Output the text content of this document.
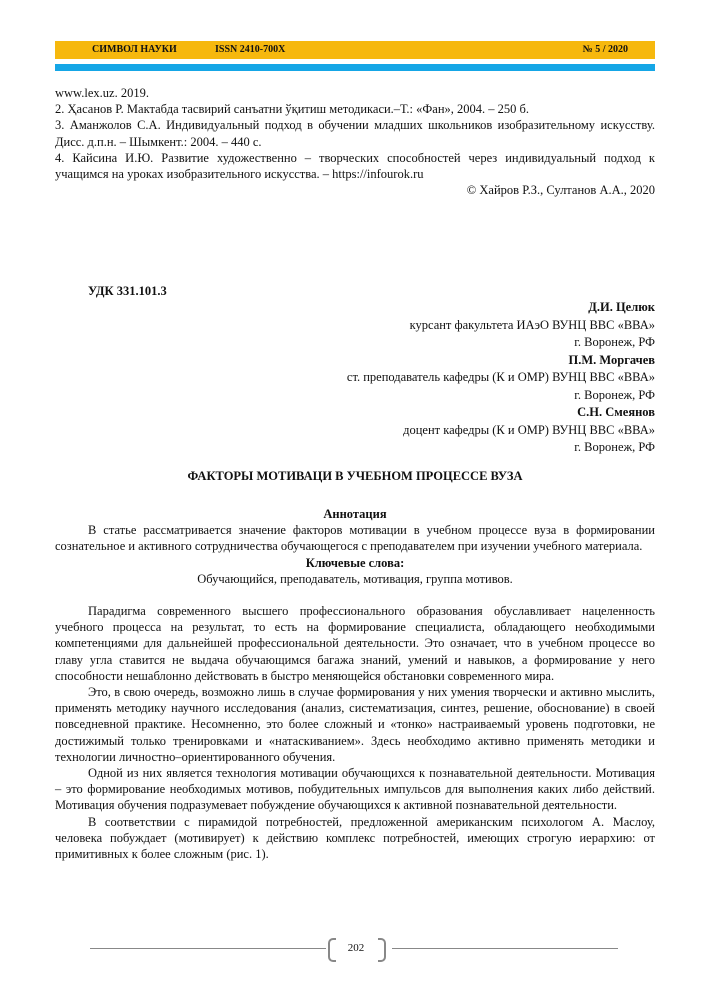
СИМВОЛ НАУКИ	ISSN 2410-700X	№ 5 / 2020

www.lex.uz. 2019.

2. Ҳасанов Р. Мактабда тасвирий санъатни ўқитиш методикаси.–Т.: «Фан», 2004. – 250 б.

3. Аманжолов С.А. Индивидуальный подход в обучении младших школьников изобразительному искусству. Дисс. д.п.н. – Шымкент.: 2004. – 440 с.

4. Кайсина И.Ю. Развитие художественно – творческих способностей через индивидуальный подход к учащимся на уроках изобразительного искусства. – https://infourok.ru

© Хайров Р.З., Султанов А.А., 2020

УДК 331.101.3

Д.И. Целюк

курсант факультета ИАэО ВУНЦ ВВС «ВВА»

г. Воронеж, РФ

П.М. Моргачев

ст. преподаватель кафедры (К и ОМР) ВУНЦ ВВС «ВВА»

г. Воронеж, РФ

С.Н. Смеянов

доцент кафедры (К и ОМР) ВУНЦ ВВС «ВВА»

г. Воронеж, РФ

ФАКТОРЫ МОТИВАЦИ В УЧЕБНОМ ПРОЦЕССЕ ВУЗА

Аннотация

В статье рассматривается значение факторов мотивации в учебном процессе вуза в формировании сознательное и активного сотрудничества обучающегося с преподавателем при изучении учебного материала.

Ключевые слова:

Обучающийся, преподаватель, мотивация, группа мотивов.

Парадигма современного высшего профессионального образования обуславливает нацеленность учебного процесса на результат, то есть на формирование специалиста, обладающего необходимыми компетенциями для дальнейшей профессиональной деятельности. Это означает, что в учебном процессе во главу угла ставится не выдача обучающимся багажа знаний, умений и навыков, а формирование у него способности нешаблонно действовать в быстро меняющейся обстановки современного мира.

Это, в свою очередь, возможно лишь в случае формирования у них умения творчески и активно мыслить, применять методику научного исследования (анализ, систематизация, синтез, решение, обоснование) в своей повседневной практике. Несомненно, это более сложный и «тонко» настраиваемый уровень подготовки, не достижимый только тренировками и «натаскиванием». Здесь необходимо активно применять методики и технологии личностно–ориентированного обучения.

Одной из них является технология мотивации обучающихся к познавательной деятельности. Мотивация – это формирование необходимых мотивов, побудительных импульсов для выполнения каких либо действий. Мотивация обучения подразумевает побуждение обучающихся к активной познавательной деятельности.

В соответствии с пирамидой потребностей, предложенной американским психологом А. Маслоу, человека побуждает (мотивирует) к действию комплекс потребностей, имеющих строгую иерархию: от примитивных к более сложным (рис. 1).

202
